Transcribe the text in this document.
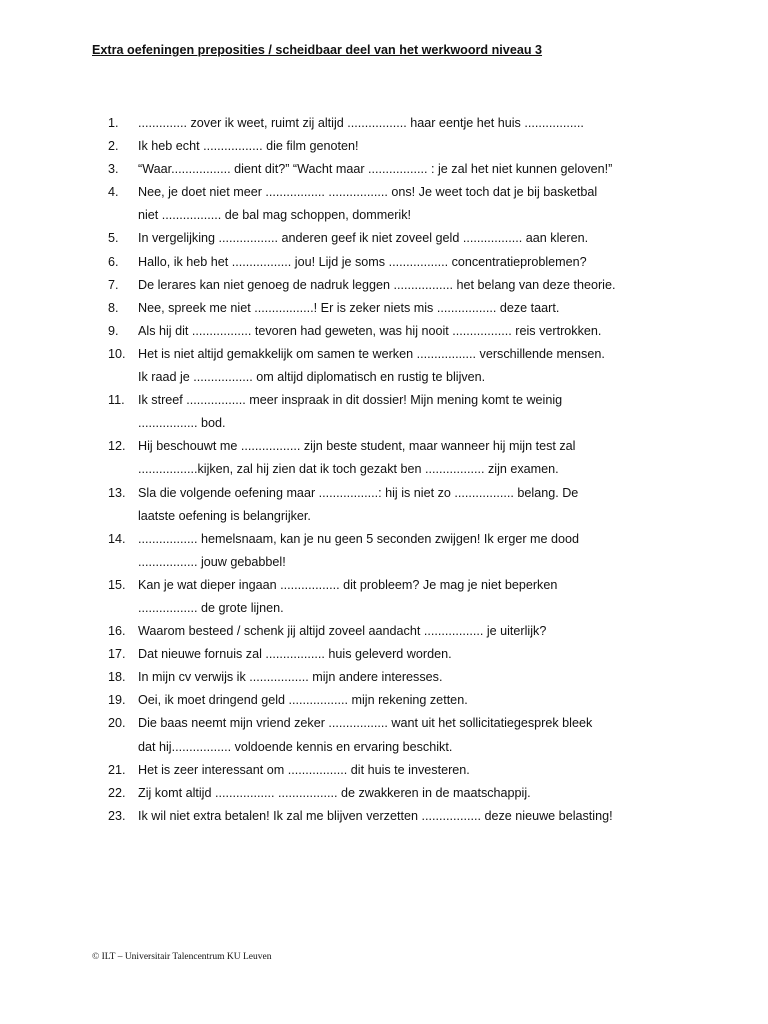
Extra oefeningen preposities / scheidbaar deel van het werkwoord niveau 3
1.	.............. zover ik weet, ruimt zij altijd ................. haar eentje het huis .................
2.	Ik heb echt ................. die film genoten!
3.	“Waar................. dient dit?” “Wacht maar ................. : je zal het niet kunnen geloven!”
4.	Nee, je doet niet meer ................. ................. ons! Je weet toch dat je bij basketbal
niet ................. de bal mag schoppen, dommerik!
5.	In vergelijking ................. anderen geef ik niet zoveel geld ................. aan kleren.
6.	Hallo, ik heb het ................. jou! Lijd je soms ................. concentratieproblemen?
7.	De lerares kan niet genoeg de nadruk leggen ................. het belang van deze theorie.
8.	Nee, spreek me niet .................! Er is zeker niets mis ................. deze taart.
9.	Als hij dit ................. tevoren had geweten, was hij nooit ................. reis vertrokken.
10. Het is niet altijd gemakkelijk om samen te werken ................. verschillende mensen.
Ik raad je ................. om altijd diplomatisch en rustig te blijven.
11.	Ik streef ................. meer inspraak in dit dossier! Mijn mening komt te weinig
................. bod.
12. Hij beschouwt me ................. zijn beste student, maar wanneer hij mijn test zal
.................kijken, zal hij zien dat ik toch gezakt ben ................. zijn examen.
13. Sla die volgende oefening maar .................: hij is niet zo ................. belang. De
laatste oefening is belangrijker.
14. ................. hemelsnaam, kan je nu geen 5 seconden zwijgen! Ik erger me dood
................. jouw gebabbel!
15. Kan je wat dieper ingaan ................. dit probleem? Je mag je niet beperken
................. de grote lijnen.
16. Waarom besteed / schenk jij altijd zoveel aandacht ................. je uiterlijk?
17. Dat nieuwe fornuis zal ................. huis geleverd worden.
18. In mijn cv verwijs ik ................. mijn andere interesses.
19. Oei, ik moet dringend geld ................. mijn rekening zetten.
20. Die baas neemt mijn vriend zeker ................. want uit het sollicitatiegesprek bleek
dat hij................. voldoende kennis en ervaring beschikt.
21. Het is zeer interessant om ................. dit huis te investeren.
22. Zij komt altijd ................. ................. de zwakkeren in de maatschappij.
23. Ik wil niet extra betalen! Ik zal me blijven verzetten ................. deze nieuwe belasting!
© ILT – Universitair Talencentrum KU Leuven
